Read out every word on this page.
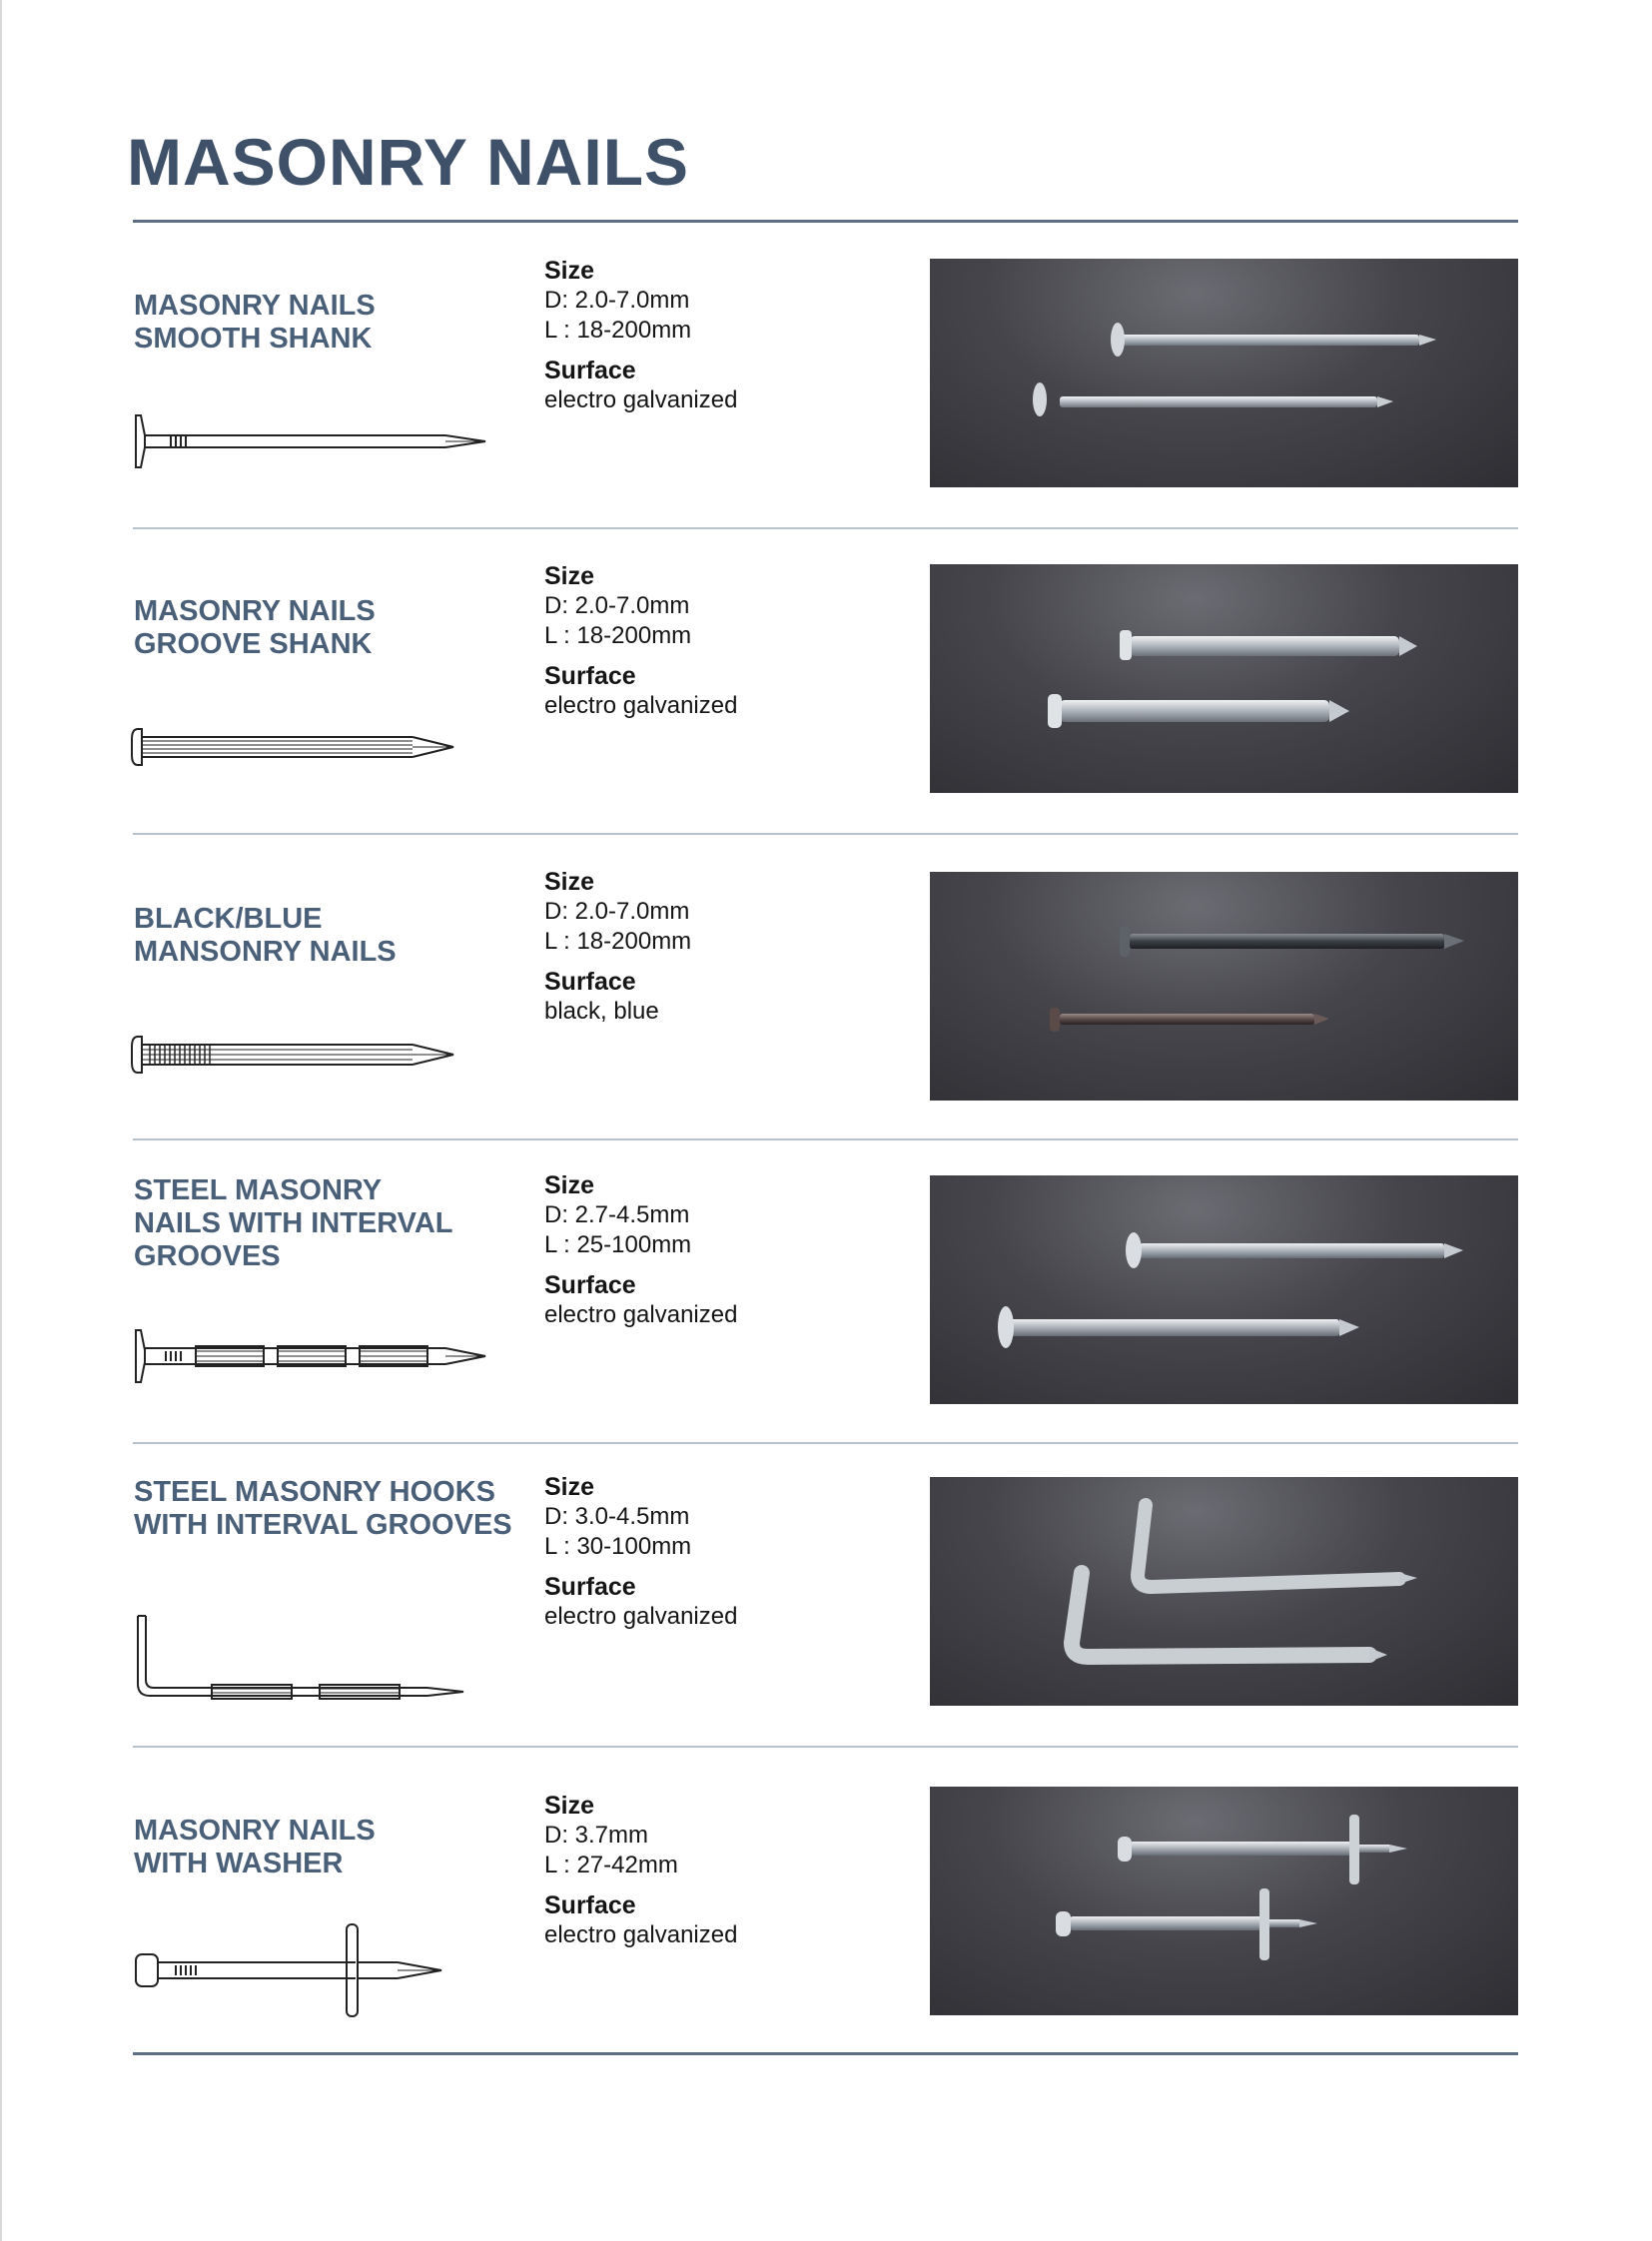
MASONRY NAILS
MASONRY NAILS
SMOOTH SHANK
Size
D: 2.0-7.0mm
L : 18-200mm
Surface
electro galvanized
MASONRY NAILS
GROOVE SHANK
Size
D: 2.0-7.0mm
L : 18-200mm
Surface
electro galvanized
BLACK/BLUE
MANSONRY NAILS
Size
D: 2.0-7.0mm
L : 18-200mm
Surface
black, blue
STEEL MASONRY
NAILS WITH INTERVAL
GROOVES
Size
D: 2.7-4.5mm
L : 25-100mm
Surface
electro galvanized
STEEL MASONRY HOOKS
WITH INTERVAL GROOVES
Size
D: 3.0-4.5mm
L : 30-100mm
Surface
electro galvanized
MASONRY NAILS
WITH WASHER
Size
D: 3.7mm
L : 27-42mm
Surface
electro galvanized
